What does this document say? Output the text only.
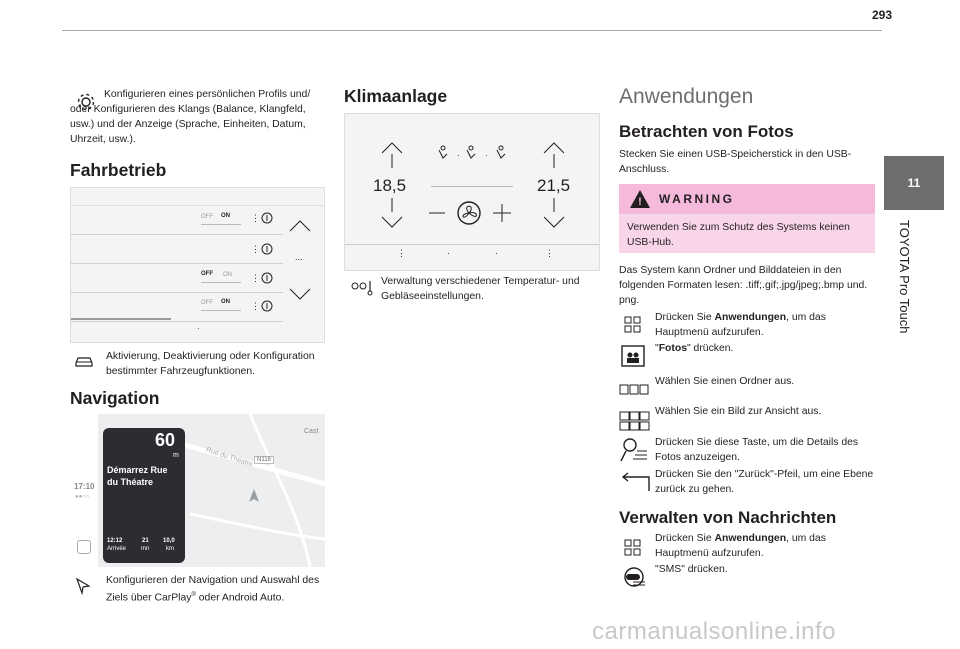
293
11
TOYOTA Pro Touch
Konfigurieren eines persönlichen Profils und/ oder Konfigurieren des Klangs (Balance, Klangfeld, usw.) und der Anzeige (Sprache, Einheiten, Datum, Uhrzeit, usw.).
Fahrbetrieb
OFF ON ⋮
⋮
OFF ON ⋮
OFF ON ⋮
...
·
Aktivierung, Deaktivierung oder Konfiguration bestimmter Fahrzeugfunktionen.
Navigation
17:10
●●○○
Rue du Théatre N118
Cast
60
m
Démarrez Rue du Théatre
12:12
Arrivée
21
mn
10,0
km
Konfigurieren der Navigation und Auswahl des Ziels über CarPlay® oder Android Auto.
Klimaanlage
18,5	21,5
·	·
⋮	·	·	⋮
Verwaltung verschiedener Temperatur- und Gebläseeinstellungen.
Anwendungen
Betrachten von Fotos
Stecken Sie einen USB-Speicherstick in den USB-Anschluss.
! WARNING
Verwenden Sie zum Schutz des Systems keinen USB-Hub.
Das System kann Ordner und Bilddateien in den folgenden Formaten lesen: .tiff;.gif;.jpg/jpeg;.bmp und. png.
Drücken Sie Anwendungen, um das Hauptmenü aufzurufen.
"Fotos" drücken.
Wählen Sie einen Ordner aus.
Wählen Sie ein Bild zur Ansicht aus.
Drücken Sie diese Taste, um die Details des Fotos anzuzeigen.
Drücken Sie den "Zurück"-Pfeil, um eine Ebene zurück zu gehen.
Verwalten von Nachrichten
Drücken Sie Anwendungen, um das Hauptmenü aufzurufen.
"SMS" drücken.
carmanualsonline.info
